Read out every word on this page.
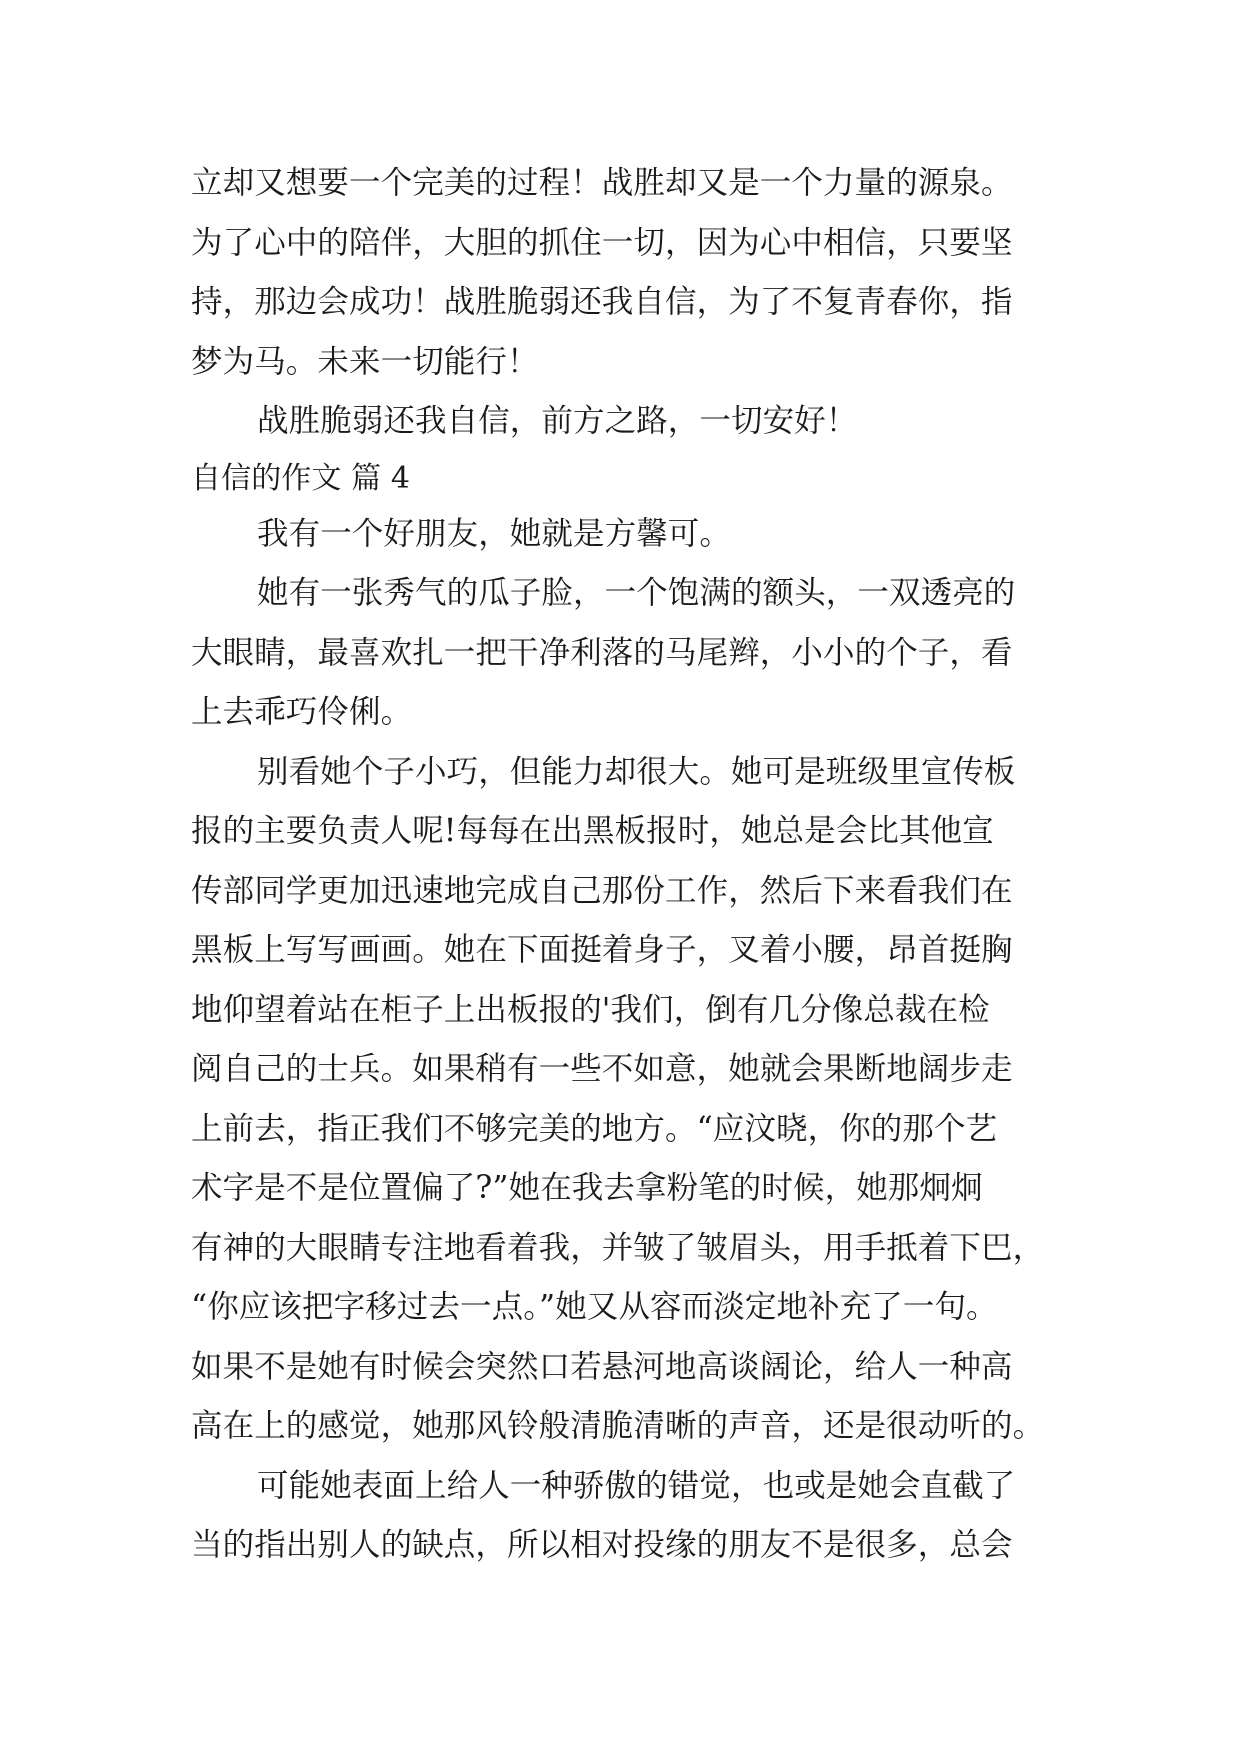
立却又想要一个完美的过程！战胜却又是一个力量的源泉。
为了心中的陪伴，大胆的抓住一切，因为心中相信，只要坚
持，那边会成功！战胜脆弱还我自信，为了不复青春你，指
梦为马。未来一切能行！
战胜脆弱还我自信，前方之路，一切安好！
自信的作文 篇 4
我有一个好朋友，她就是方馨可。
她有一张秀气的瓜子脸，一个饱满的额头，一双透亮的
大眼睛，最喜欢扎一把干净利落的马尾辫，小小的个子，看
上去乖巧伶俐。
别看她个子小巧，但能力却很大。她可是班级里宣传板
报的主要负责人呢!每每在出黑板报时，她总是会比其他宣
传部同学更加迅速地完成自己那份工作，然后下来看我们在
黑板上写写画画。她在下面挺着身子，叉着小腰，昂首挺胸
地仰望着站在柜子上出板报的'我们，倒有几分像总裁在检
阅自己的士兵。如果稍有一些不如意，她就会果断地阔步走
上前去，指正我们不够完美的地方。“应汶晓，你的那个艺
术字是不是位置偏了?”她在我去拿粉笔的时候，她那炯炯
有神的大眼睛专注地看着我，并皱了皱眉头，用手抵着下巴，
“你应该把字移过去一点。”她又从容而淡定地补充了一句。
如果不是她有时候会突然口若悬河地高谈阔论，给人一种高
高在上的感觉，她那风铃般清脆清晰的声音，还是很动听的。
可能她表面上给人一种骄傲的错觉，也或是她会直截了
当的指出别人的缺点，所以相对投缘的朋友不是很多，总会
